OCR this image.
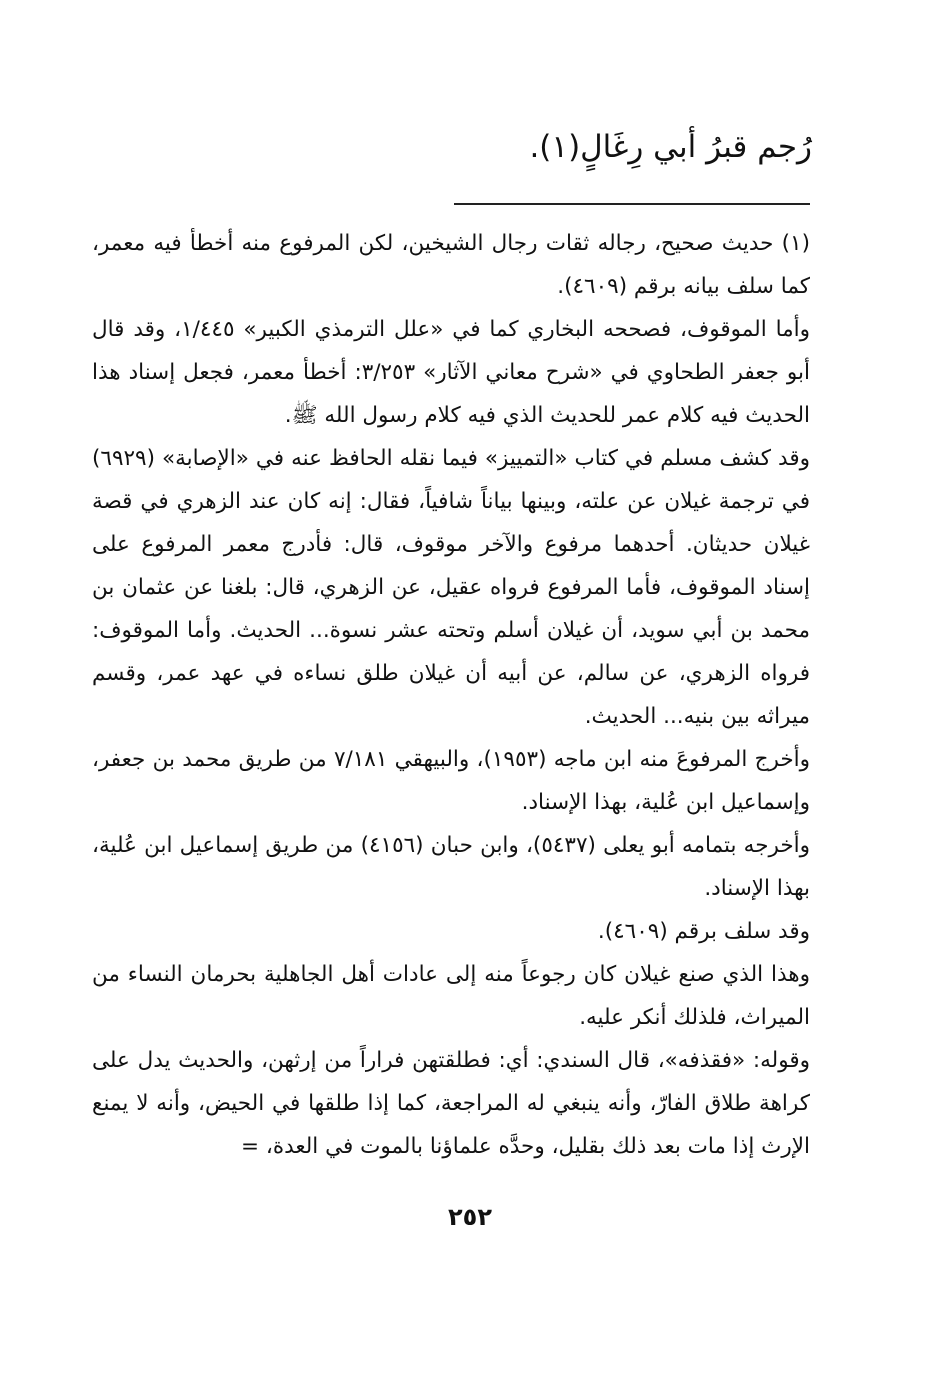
رُجم قبرُ أبي رِغَالٍ(١).

(١) حديث صحيح، رجاله ثقات رجال الشيخين، لكن المرفوع منه أخطأ فيه معمر، كما سلف بيانه برقم (٤٦٠٩).

وأما الموقوف، فصححه البخاري كما في «علل الترمذي الكبير» ١/٤٤٥، وقد قال أبو جعفر الطحاوي في «شرح معاني الآثار» ٣/٢٥٣: أخطأ معمر، فجعل إسناد هذا الحديث فيه كلام عمر للحديث الذي فيه كلام رسول الله ﷺ.

وقد كشف مسلم في كتاب «التمييز» فيما نقله الحافظ عنه في «الإصابة» (٦٩٢٩) في ترجمة غيلان عن علته، وبينها بياناً شافياً، فقال: إنه كان عند الزهري في قصة غيلان حديثان. أحدهما مرفوع والآخر موقوف، قال: فأدرج معمر المرفوع على إسناد الموقوف، فأما المرفوع فرواه عقيل، عن الزهري، قال: بلغنا عن عثمان بن محمد بن أبي سويد، أن غيلان أسلم وتحته عشر نسوة... الحديث. وأما الموقوف: فرواه الزهري، عن سالم، عن أبيه أن غيلان طلق نساءه في عهد عمر، وقسم ميراثه بين بنيه... الحديث.

وأخرج المرفوعَ منه ابن ماجه (١٩٥٣)، والبيهقي ٧/١٨١ من طريق محمد بن جعفر، وإسماعيل ابن عُلية، بهذا الإسناد.

وأخرجه بتمامه أبو يعلى (٥٤٣٧)، وابن حبان (٤١٥٦) من طريق إسماعيل ابن عُلية، بهذا الإسناد.

وقد سلف برقم (٤٦٠٩).

وهذا الذي صنع غيلان كان رجوعاً منه إلى عادات أهل الجاهلية بحرمان النساء من الميراث، فلذلك أنكر عليه.

وقوله: «فقذفه»، قال السندي: أي: فطلقتهن فراراً من إرثهن، والحديث يدل على كراهة طلاق الفارّ، وأنه ينبغي له المراجعة، كما إذا طلقها في الحيض، وأنه لا يمنع الإرث إذا مات بعد ذلك بقليل، وحدَّه علماؤنا بالموت في العدة، =

٢٥٢
